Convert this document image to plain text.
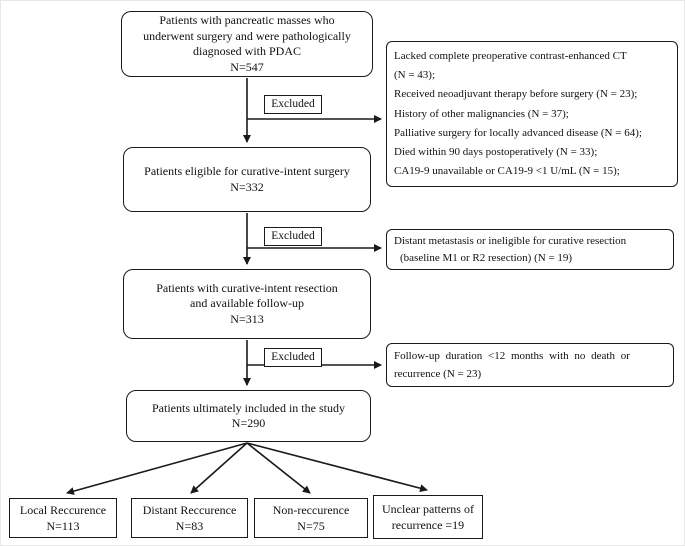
Patients with pancreatic masses who
underwent surgery and were pathologically
diagnosed with PDAC
N=547
Patients eligible for curative-intent surgery
N=332
Patients with curative-intent resection
and available follow-up
N=313
Patients ultimately included in the study
N=290
Excluded
Excluded
Excluded
Lacked complete preoperative contrast-enhanced CT
(N = 43);
Received neoadjuvant therapy before surgery (N = 23);
History of other malignancies (N = 37);
Palliative surgery for locally advanced disease (N = 64);
Died within 90 days postoperatively (N = 33);
CA19-9 unavailable or CA19-9 <1 U/mL (N = 15);
Distant metastasis or ineligible for curative resection
(baseline M1 or R2 resection) (N = 19)
Follow-up duration <12 months with no death or
recurrence (N = 23)
Local Reccurence
N=113
Distant Reccurence
N=83
Non-reccurence
N=75
Unclear patterns of
recurrence =19
